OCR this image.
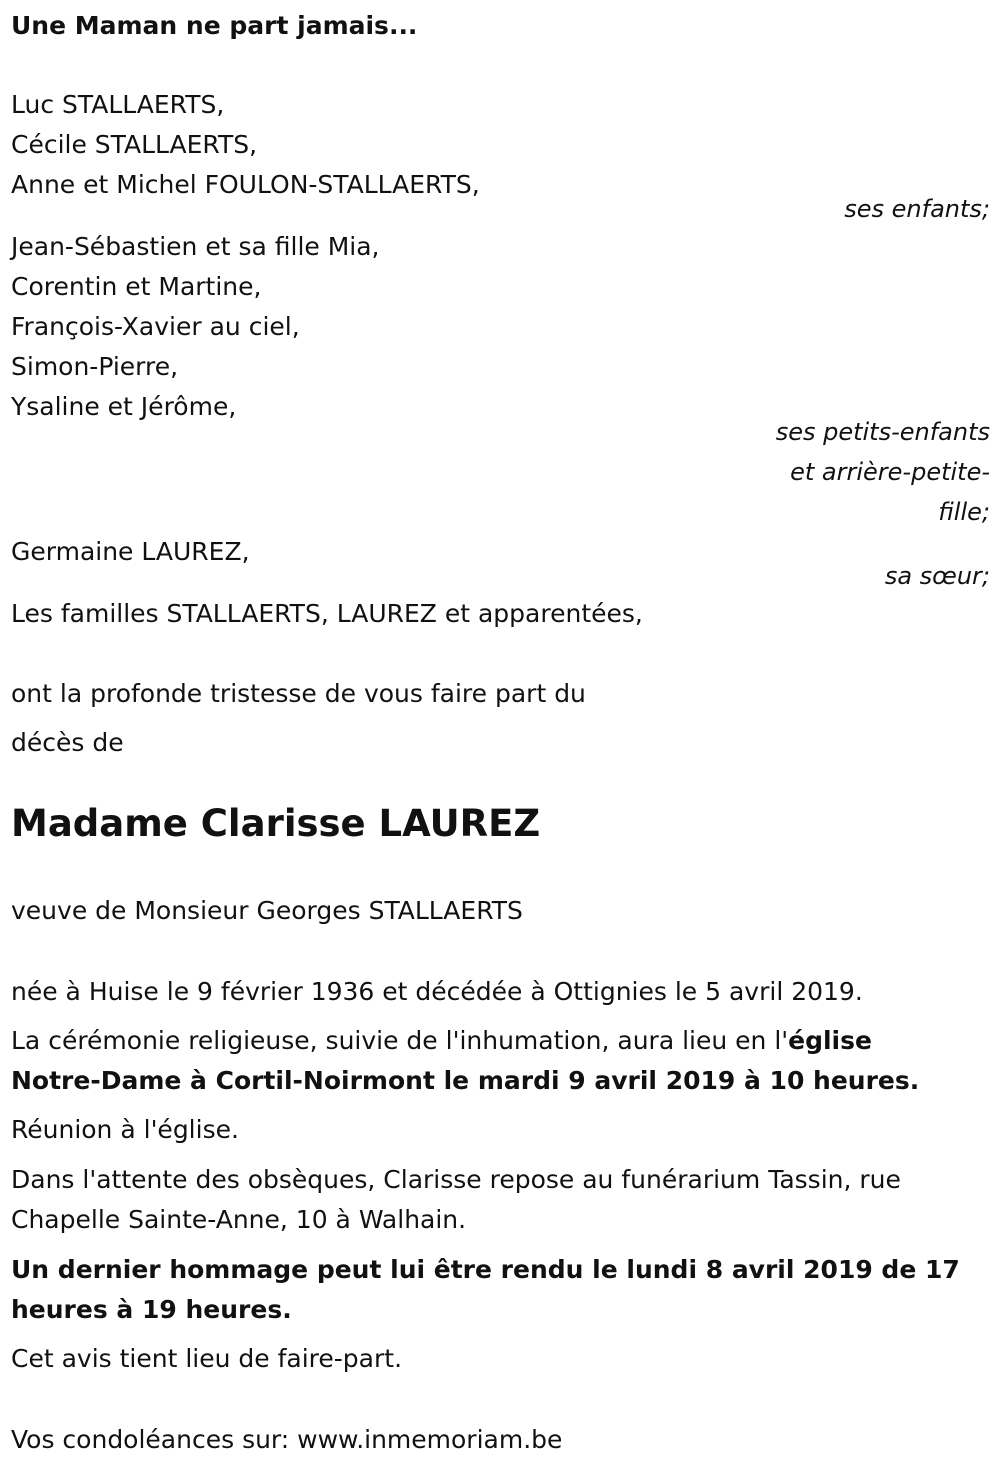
Une Maman ne part jamais...
Luc STALLAERTS,
Cécile STALLAERTS,
Anne et Michel FOULON-STALLAERTS,
ses enfants;
Jean-Sébastien et sa fille Mia,
Corentin et Martine,
François-Xavier au ciel,
Simon-Pierre,
Ysaline et Jérôme,
ses petits-enfants
et arrière-petite-
fille;
Germaine LAUREZ,
sa sœur;
Les familles STALLAERTS, LAUREZ et apparentées,
ont la profonde tristesse de vous faire part du
décès de
Madame Clarisse LAUREZ
veuve de Monsieur Georges STALLAERTS
née à Huise le 9 février 1936 et décédée à Ottignies le 5 avril 2019.
La cérémonie religieuse, suivie de l'inhumation, aura lieu en l'église
Notre-Dame à Cortil-Noirmont le mardi 9 avril 2019 à 10 heures.
Réunion à l'église.
Dans l'attente des obsèques, Clarisse repose au funérarium Tassin, rue
Chapelle Sainte-Anne, 10 à Walhain.
Un dernier hommage peut lui être rendu le lundi 8 avril 2019 de 17
heures à 19 heures.
Cet avis tient lieu de faire-part.
Vos condoléances sur: www.inmemoriam.be
